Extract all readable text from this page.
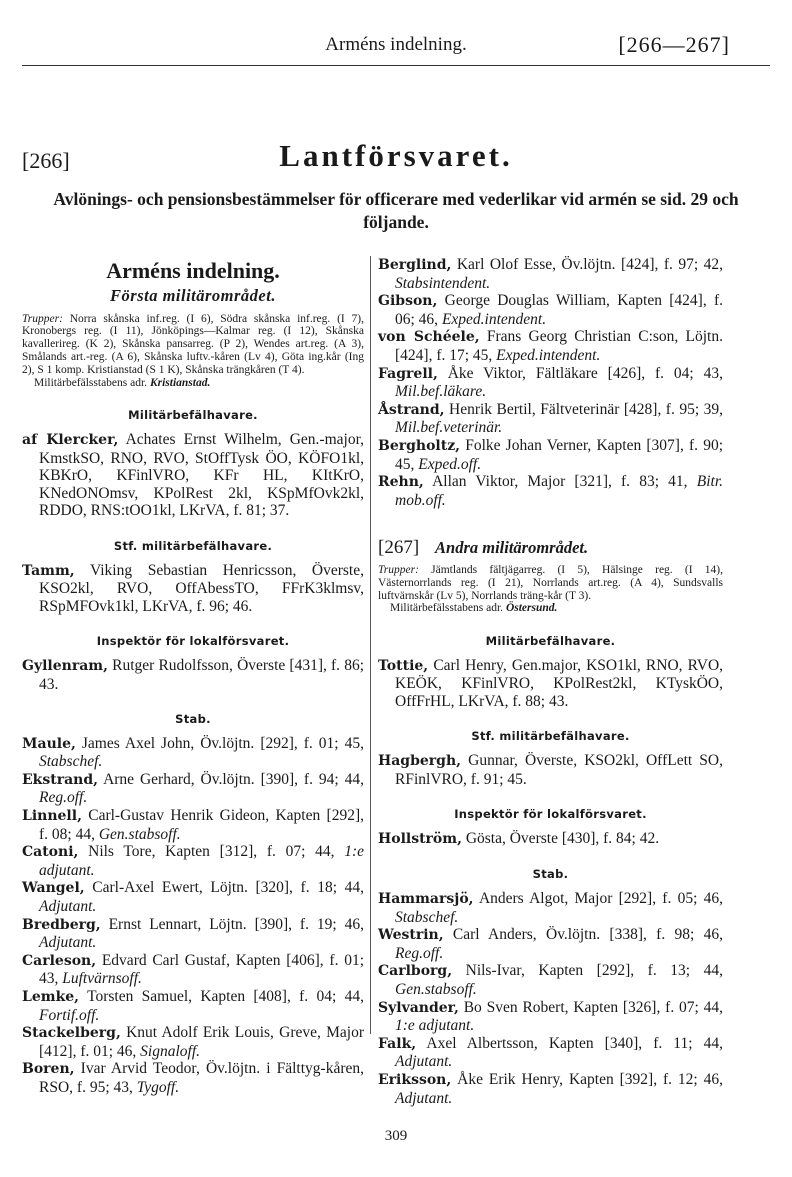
Arméns indelning.	[266—267]
[266]	Lantförsvaret.
Avlönings- och pensionsbestämmelser för officerare med vederlikar vid armén se sid. 29 och följande.
Arméns indelning.
Första militärområdet.
Trupper: Norra skånska inf.reg. (I 6), Södra skånska inf.reg. (I 7), Kronobergs reg. (I 11), Jönköpings—Kalmar reg. (I 12), Skånska kavallerireg. (K 2), Skånska pansarreg. (P 2), Wendes art.reg. (A 3), Smålands art.-reg. (A 6), Skånska luftv.-kåren (Lv 4), Göta ing.kår (Ing 2), S 1 komp. Kristianstad (S 1 K), Skånska trängkåren (T 4).
Militärbefälsstabens adr. Kristianstad.
Militärbefälhavare.

af Klercker, Achates Ernst Wilhelm, Gen.-major, KmstkSO, RNO, RVO, StOffTysk ÖO, KÖFO1kl, KBKrO, KFinlVRO, KFr HL, KItKrO, KNedONOmsv, KPolRest 2kl, KSpMfOvk2kl, RDDO, RNS:tOO1kl, LKrVA, f. 81; 37.

Stf. militärbefälhavare.

Tamm, Viking Sebastian Henricsson, Överste, KSO2kl, RVO, OffAbessTO, FFrK3klmsv, RSpMFOvk1kl, LKrVA, f. 96; 46.

Inspektör för lokalförsvaret.

Gyllenram, Rutger Rudolfsson, Överste [431], f. 86; 43.

Stab.

Maule, James Axel John, Öv.löjtn. [292], f. 01; 45, Stabschef.

Ekstrand, Arne Gerhard, Öv.löjtn. [390], f. 94; 44, Reg.off.

Linnell, Carl-Gustav Henrik Gideon, Kapten [292], f. 08; 44, Gen.stabsoff.

Catoni, Nils Tore, Kapten [312], f. 07; 44, 1:e adjutant.

Wangel, Carl-Axel Ewert, Löjtn. [320], f. 18; 44, Adjutant.

Bredberg, Ernst Lennart, Löjtn. [390], f. 19; 46, Adjutant.

Carleson, Edvard Carl Gustaf, Kapten [406], f. 01; 43, Luftvärnsoff.

Lemke, Torsten Samuel, Kapten [408], f. 04; 44, Fortif.off.

Stackelberg, Knut Adolf Erik Louis, Greve, Major [412], f. 01; 46, Signaloff.

Boren, Ivar Arvid Teodor, Öv.löjtn. i Fälttyg-kåren, RSO, f. 95; 43, Tygoff.

Berglind, Karl Olof Esse, Öv.löjtn. [424], f. 97; 42, Stabsintendent.

Gibson, George Douglas William, Kapten [424], f. 06; 46, Exped.intendent.

von Schéele, Frans Georg Christian C:son, Löjtn. [424], f. 17; 45, Exped.intendent.

Fagrell, Åke Viktor, Fältläkare [426], f. 04; 43, Mil.bef.läkare.

Åstrand, Henrik Bertil, Fältveterinär [428], f. 95; 39, Mil.bef.veterinär.

Bergholtz, Folke Johan Verner, Kapten [307], f. 90; 45, Exped.off.

Rehn, Allan Viktor, Major [321], f. 83; 41, Bitr. mob.off.

[267] Andra militärområdet.
Trupper: Jämtlands fältjägarreg. (I 5), Hälsinge reg. (I 14), Västernorrlands reg. (I 21), Norrlands art.reg. (A 4), Sundsvalls luftvärnskår (Lv 5), Norrlands träng-kår (T 3).
Militärbefälsstabens adr. Östersund.
Militärbefälhavare.

Tottie, Carl Henry, Gen.major, KSO1kl, RNO, RVO, KEÖK, KFinlVRO, KPolRest2kl, KTyskÖO, OffFrHL, LKrVA, f. 88; 43.

Stf. militärbefälhavare.

Hagbergh, Gunnar, Överste, KSO2kl, OffLett SO, RFinlVRO, f. 91; 45.

Inspektör för lokalförsvaret.

Hollström, Gösta, Överste [430], f. 84; 42.

Stab.

Hammarsjö, Anders Algot, Major [292], f. 05; 46, Stabschef.

Westrin, Carl Anders, Öv.löjtn. [338], f. 98; 46, Reg.off.

Carlborg, Nils-Ivar, Kapten [292], f. 13; 44, Gen.stabsoff.

Sylvander, Bo Sven Robert, Kapten [326], f. 07; 44, 1:e adjutant.

Falk, Axel Albertsson, Kapten [340], f. 11; 44, Adjutant.

Eriksson, Åke Erik Henry, Kapten [392], f. 12; 46, Adjutant.

309
